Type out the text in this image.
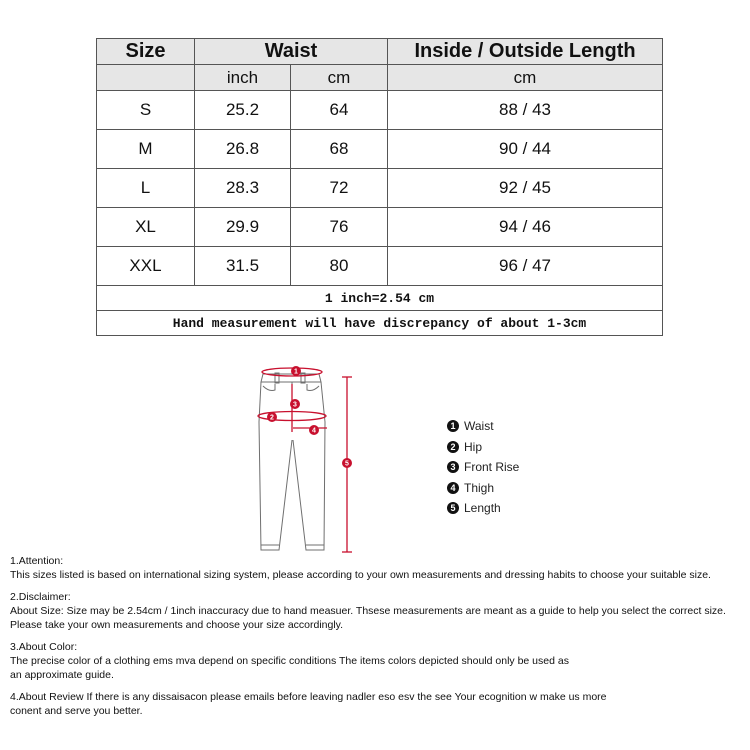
Size	Waist		Inside / Outside Length
	inch	cm	cm
S	25.2	64	88 / 43
M	26.8	68	90 / 44
L	28.3	72	92 / 45
XL	29.9	76	94 / 46
XXL	31.5	80	96 / 47
1 inch=2.54 cm			
Hand measurement will have discrepancy of about 1-3cm			
1
3
2
4
5
1 Waist
2 Hip
3 Front Rise
4 Thigh
5 Length

1.Attention:

This sizes listed is based on international sizing system, please according to your own measurements and dressing habits to choose your suitable size.

2.Disclaimer:

About Size: Size may be 2.54cm / 1inch inaccuracy due to hand measuer. Thsese measurements are meant as a guide to help you select the correct size.

Please take your own measurements and choose your size accordingly.

3.About Color:

The precise color of a clothing ems mva depend on specific conditions The items colors depicted should only be used as

an approximate guide.

4.About Review If there is any dissaisacon please emails before leaving nadler eso esv the see Your ecognition w make us more

conent and serve you better.
